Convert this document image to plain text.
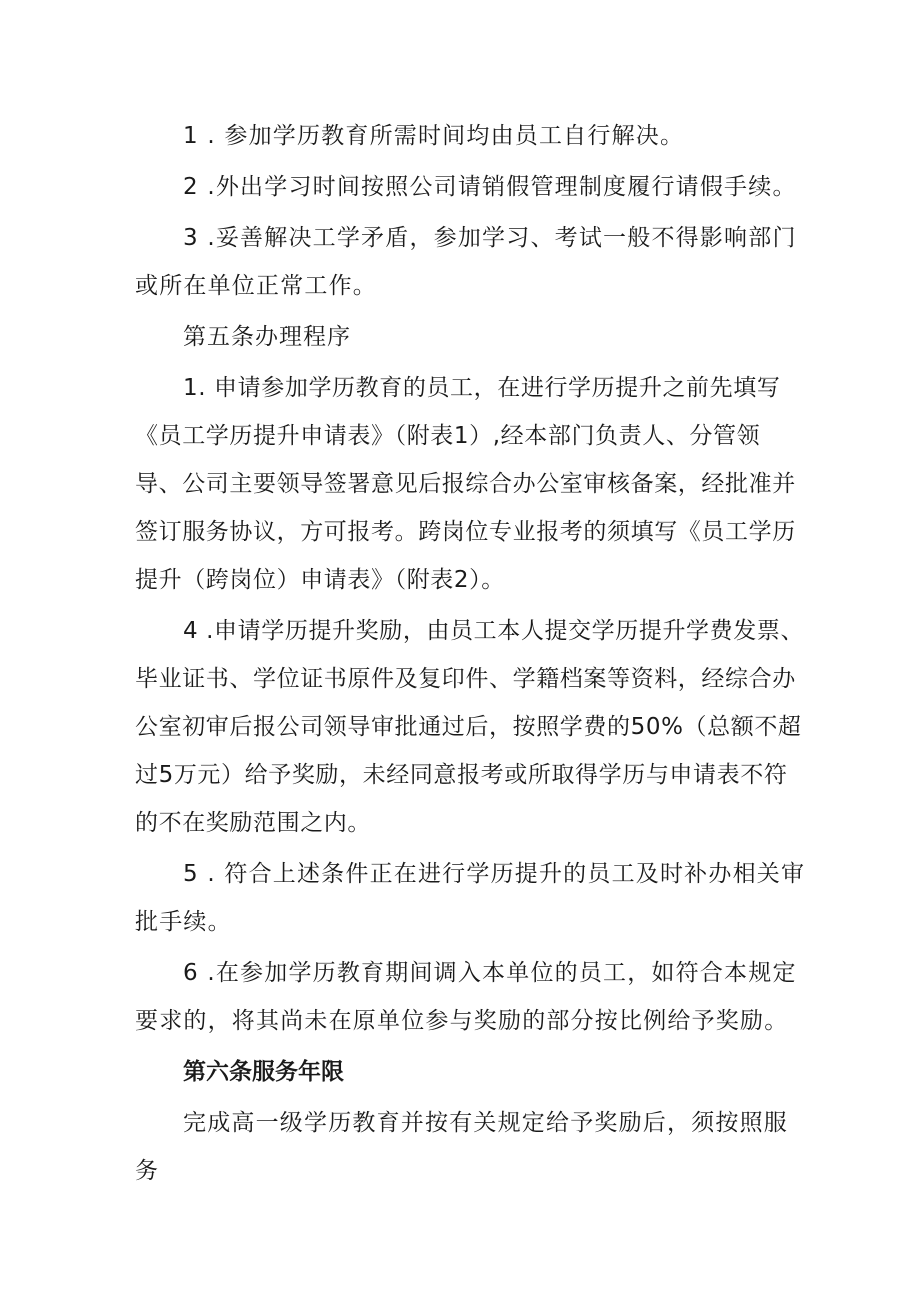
1 . 参加学历教育所需时间均由员工自行解决。

2 .外出学习时间按照公司请销假管理制度履行请假手续。

3 .妥善解决工学矛盾，参加学习、考试一般不得影响部门或所在单位正常工作。

第五条办理程序

1. 申请参加学历教育的员工，在进行学历提升之前先填写《员工学历提升申请表》（附表1）,经本部门负责人、分管领导、公司主要领导签署意见后报综合办公室审核备案，经批准并签订服务协议，方可报考。跨岗位专业报考的须填写《员工学历提升（跨岗位）申请表》（附表2）。

4 .申请学历提升奖励，由员工本人提交学历提升学费发票、毕业证书、学位证书原件及复印件、学籍档案等资料，经综合办公室初审后报公司领导审批通过后，按照学费的50%（总额不超过5万元）给予奖励，未经同意报考或所取得学历与申请表不符的不在奖励范围之内。

5 . 符合上述条件正在进行学历提升的员工及时补办相关审批手续。

6 .在参加学历教育期间调入本单位的员工，如符合本规定要求的，将其尚未在原单位参与奖励的部分按比例给予奖励。

第六条服务年限

完成高一级学历教育并按有关规定给予奖励后，须按照服务
